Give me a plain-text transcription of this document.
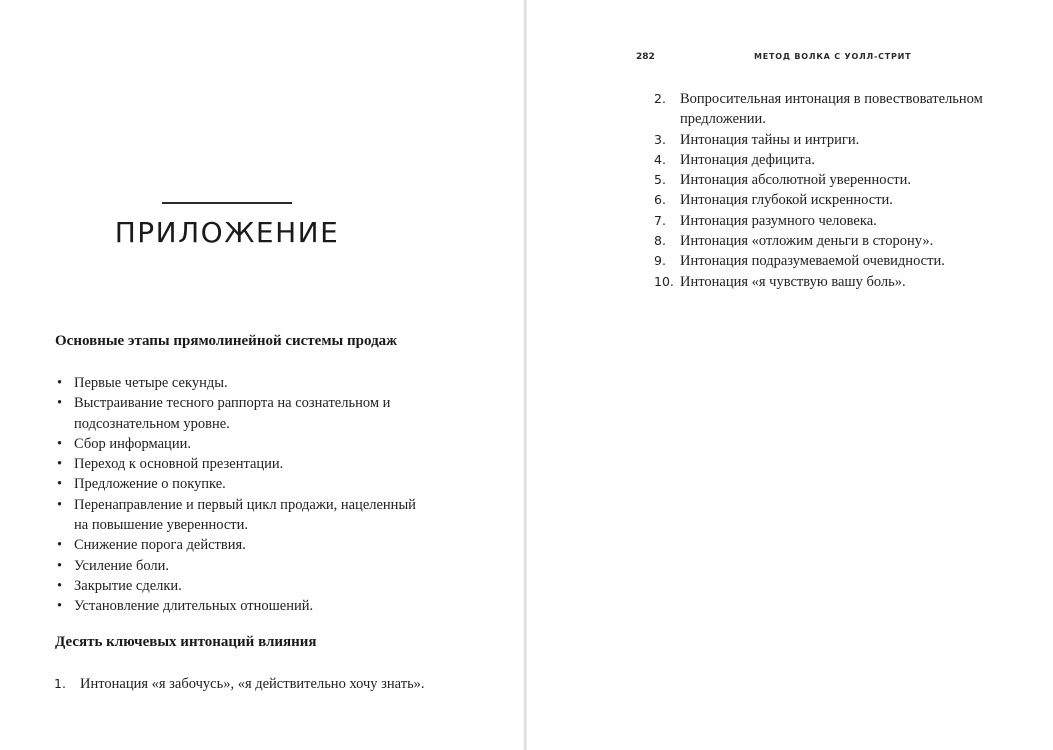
ПРИЛОЖЕНИЕ
Основные этапы прямолинейной системы продаж
• Первые четыре секунды.
• Выстраивание тесного раппорта на сознательном и подсознательном уровне.
• Сбор информации.
• Переход к основной презентации.
• Предложение о покупке.
• Перенаправление и первый цикл продажи, нацеленный на повышение уверенности.
• Снижение порога действия.
• Усиление боли.
• Закрытие сделки.
• Установление длительных отношений.
Десять ключевых интонаций влияния
1. Интонация «я забочусь», «я действительно хочу знать».
282	МЕТОД ВОЛКА С УОЛЛ-СТРИТ
2. Вопросительная интонация в повествовательном предложении.
3. Интонация тайны и интриги.
4. Интонация дефицита.
5. Интонация абсолютной уверенности.
6. Интонация глубокой искренности.
7. Интонация разумного человека.
8. Интонация «отложим деньги в сторону».
9. Интонация подразумеваемой очевидности.
10. Интонация «я чувствую вашу боль».
